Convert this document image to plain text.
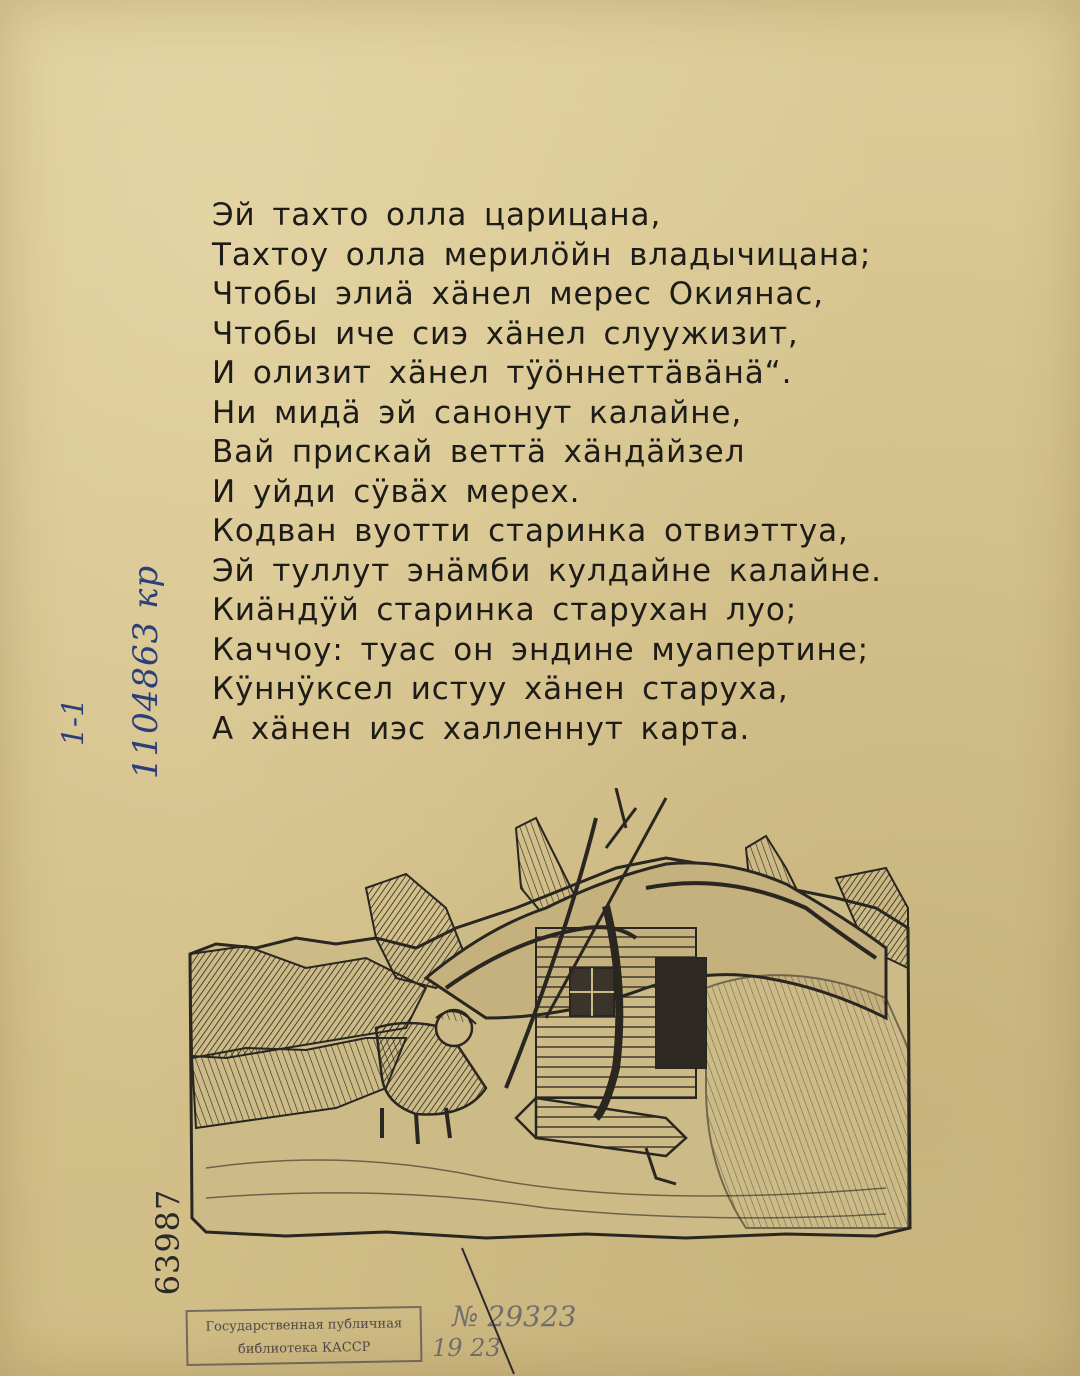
Эй тахто олла царицана,
Тахтоу олла мерилӧйн владычицана;
Чтобы элиӓ хӓнел мерес Окиянас,
Чтобы иче сиэ хӓнел слуужизит,
И олизит хӓнел тӱӧннеттӓвӓнӓ“.
Ни мидӓ эй санонут калайне,
Вай прискай веттӓ хӓндӓйзел
И уйди сӱвӓх мерех.
Кодван вуотти старинка отвиэттуа,
Эй туллут энӓмби кулдайне калайне.
Киӓндӱй старинка старухан луо;
Каччоу: туас он эндине муапертине;
Кӱннӱксел истуу хӓнен старуха,
А хӓнен иэс халленнут карта.
1104863 кр
1-1
63987
Государственная публичная
библиотека КАССР
№ 29323
19 23
